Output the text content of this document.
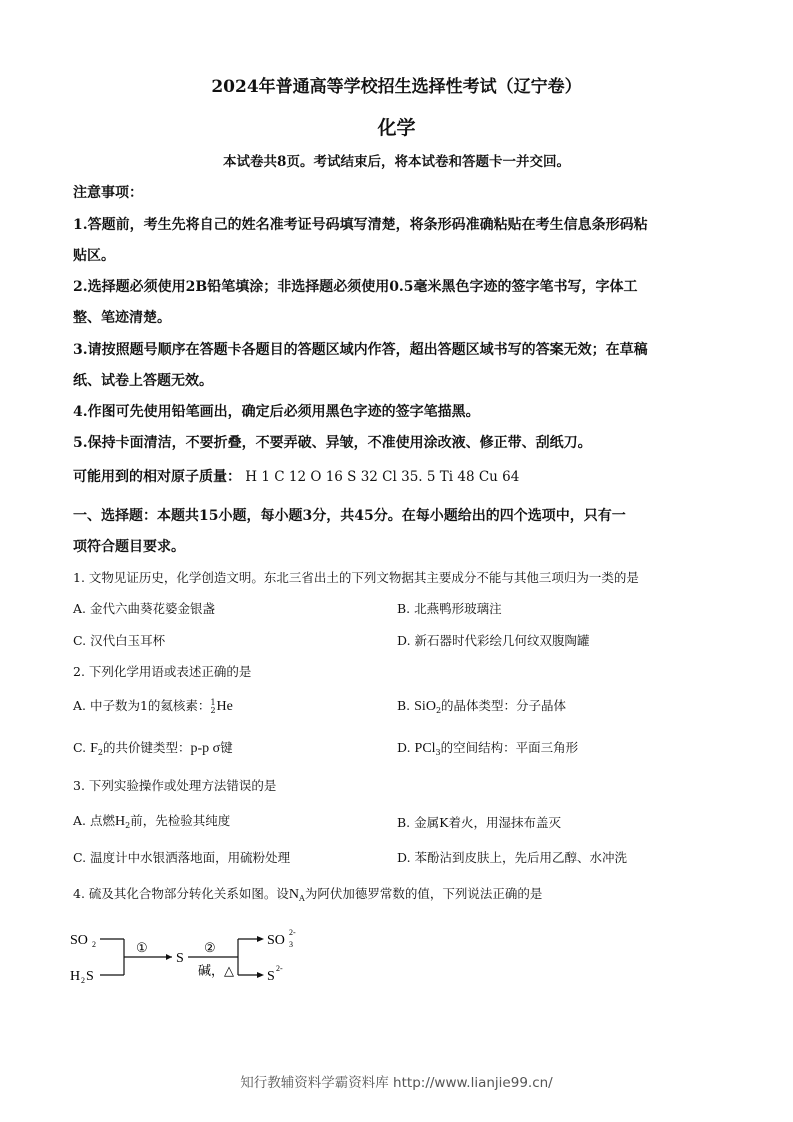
2024年普通高等学校招生选择性考试（辽宁卷）
化学
本试卷共8页。考试结束后，将本试卷和答题卡一并交回。
注意事项：
1.答题前，考生先将自己的姓名准考证号码填写清楚，将条形码准确粘贴在考生信息条形码粘
贴区。
2.选择题必须使用2B铅笔填涂；非选择题必须使用0.5毫米黑色字迹的签字笔书写，字体工
整、笔迹清楚。
3.请按照题号顺序在答题卡各题目的答题区域内作答，超出答题区域书写的答案无效；在草稿
纸、试卷上答题无效。
4.作图可先使用铅笔画出，确定后必须用黑色字迹的签字笔描黑。
5.保持卡面清洁，不要折叠，不要弄破、异皱，不准使用涂改液、修正带、刮纸刀。
可能用到的相对原子质量： H 1 C 12 O 16 S 32 Cl 35. 5 Ti 48 Cu 64
一、选择题：本题共15小题，每小题3分，共45分。在每小题给出的四个选项中，只有一
项符合题目要求。
1. 文物见证历史，化学创造文明。东北三省出土的下列文物据其主要成分不能与其他三项归为一类的是
A. 金代六曲葵花婆金银盏	B. 北燕鸭形玻璃注
C. 汉代白玉耳杯	D. 新石器时代彩绘几何纹双腹陶罐
2. 下列化学用语或表述正确的是
A. 中子数为1的氦核素： 1
2 He	B. SiO$_2$的晶体类型：分子晶体
C. $F_2$的共价键类型：p-p σ键	D. PCl$_3$的空间结构：平面三角形
3. 下列实验操作或处理方法错误的是
A. 点燃$H_2$前，先检验其纯度	B. 金属K着火，用湿抹布盖灭
C. 温度计中水银洒落地面，用硫粉处理	D. 苯酚沾到皮肤上，先后用乙醇、水冲洗
4. 硫及其化合物部分转化关系如图。设$N_A$为阿伏加德罗常数的值，下列说法正确的是
SO 2
H 2 S
①
S
②
碱，△
SO 3
2-
S
2-
知行教辅资料学霸资料库 http://www.lianjie99.cn/
